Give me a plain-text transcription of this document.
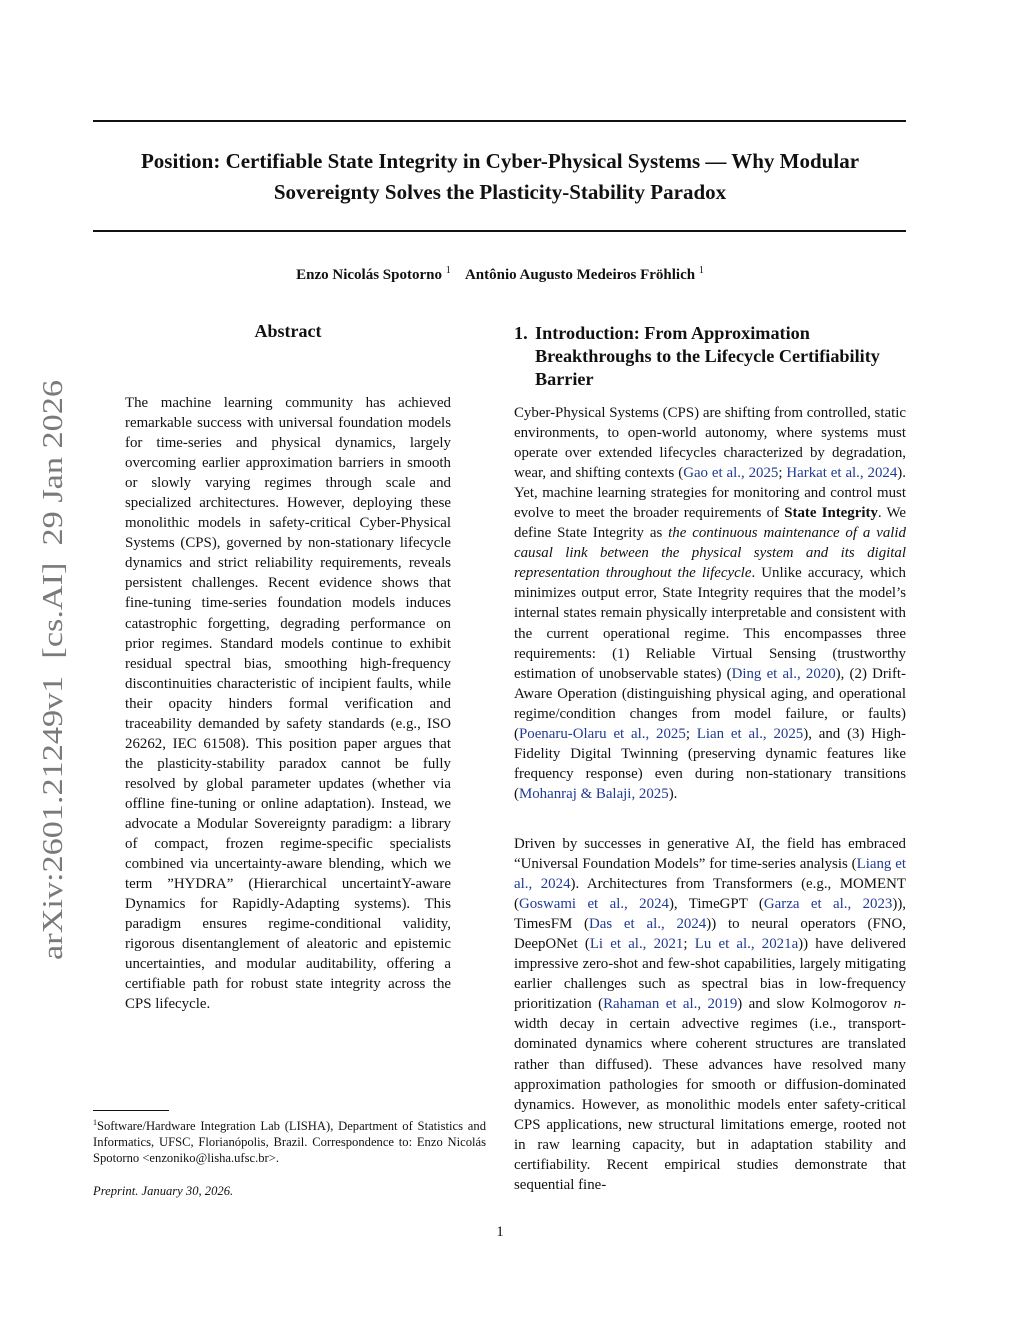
Position: Certifiable State Integrity in Cyber-Physical Systems — Why Modular
Sovereignty Solves the Plasticity-Stability Paradox
Enzo Nicolás Spotorno $^1$ Antônio Augusto Medeiros Fröhlich $^1$
arXiv:2601.21249v1  [cs.AI]  29 Jan 2026
Abstract

The machine learning community has achieved remarkable success with universal foundation models for time-series and physical dynamics, largely overcoming earlier approximation barriers in smooth or slowly varying regimes through scale and specialized architectures. However, deploying these monolithic models in safety-critical Cyber-Physical Systems (CPS), governed by non-stationary lifecycle dynamics and strict reliability requirements, reveals persistent challenges. Recent evidence shows that fine-tuning time-series foundation models induces catastrophic forgetting, degrading performance on prior regimes. Standard models continue to exhibit residual spectral bias, smoothing high-frequency discontinuities characteristic of incipient faults, while their opacity hinders formal verification and traceability demanded by safety standards (e.g., ISO 26262, IEC 61508). This position paper argues that the plasticity-stability paradox cannot be fully resolved by global parameter updates (whether via offline fine-tuning or online adaptation). Instead, we advocate a Modular Sovereignty paradigm: a library of compact, frozen regime-specific specialists combined via uncertainty-aware blending, which we term ”HYDRA” (Hierarchical uncertaintY-aware Dynamics for Rapidly-Adapting systems). This paradigm ensures regime-conditional validity, rigorous disentanglement of aleatoric and epistemic uncertainties, and modular auditability, offering a certifiable path for robust state integrity across the CPS lifecycle.

$^1$Software/Hardware Integration Lab (LISHA), Department of Statistics and Informatics, UFSC, Florianópolis, Brazil. Correspondence to: Enzo Nicolás Spotorno <enzoniko@lisha.ufsc.br>.

Preprint. January 30, 2026.

1. Introduction: From Approximation Breakthroughs to the Lifecycle Certifiability Barrier

Cyber-Physical Systems (CPS) are shifting from controlled, static environments, to open-world autonomy, where systems must operate over extended lifecycles characterized by degradation, wear, and shifting contexts (Gao et al., 2025; Harkat et al., 2024). Yet, machine learning strategies for monitoring and control must evolve to meet the broader requirements of State Integrity. We define State Integrity as the continuous maintenance of a valid causal link between the physical system and its digital representation throughout the lifecycle. Unlike accuracy, which minimizes output error, State Integrity requires that the model’s internal states remain physically interpretable and consistent with the current operational regime. This encompasses three requirements: (1) Reliable Virtual Sensing (trustworthy estimation of unobservable states) (Ding et al., 2020), (2) Drift-Aware Operation (distinguishing physical aging, and operational regime/condition changes from model failure, or faults) (Poenaru-Olaru et al., 2025; Lian et al., 2025), and (3) High-Fidelity Digital Twinning (preserving dynamic features like frequency response) even during non-stationary transitions (Mohanraj & Balaji, 2025).

Driven by successes in generative AI, the field has embraced “Universal Foundation Models” for time-series analysis (Liang et al., 2024). Architectures from Transformers (e.g., MOMENT (Goswami et al., 2024), TimeGPT (Garza et al., 2023)), TimesFM (Das et al., 2024)) to neural operators (FNO, DeepONet (Li et al., 2021; Lu et al., 2021a)) have delivered impressive zero-shot and few-shot capabilities, largely mitigating earlier challenges such as spectral bias in low-frequency prioritization (Rahaman et al., 2019) and slow Kolmogorov n-width decay in certain advective regimes (i.e., transport-dominated dynamics where coherent structures are translated rather than diffused). These advances have resolved many approximation pathologies for smooth or diffusion-dominated dynamics. However, as monolithic models enter safety-critical CPS applications, new structural limitations emerge, rooted not in raw learning capacity, but in adaptation stability and certifiability. Recent empirical studies demonstrate that sequential fine-

1
